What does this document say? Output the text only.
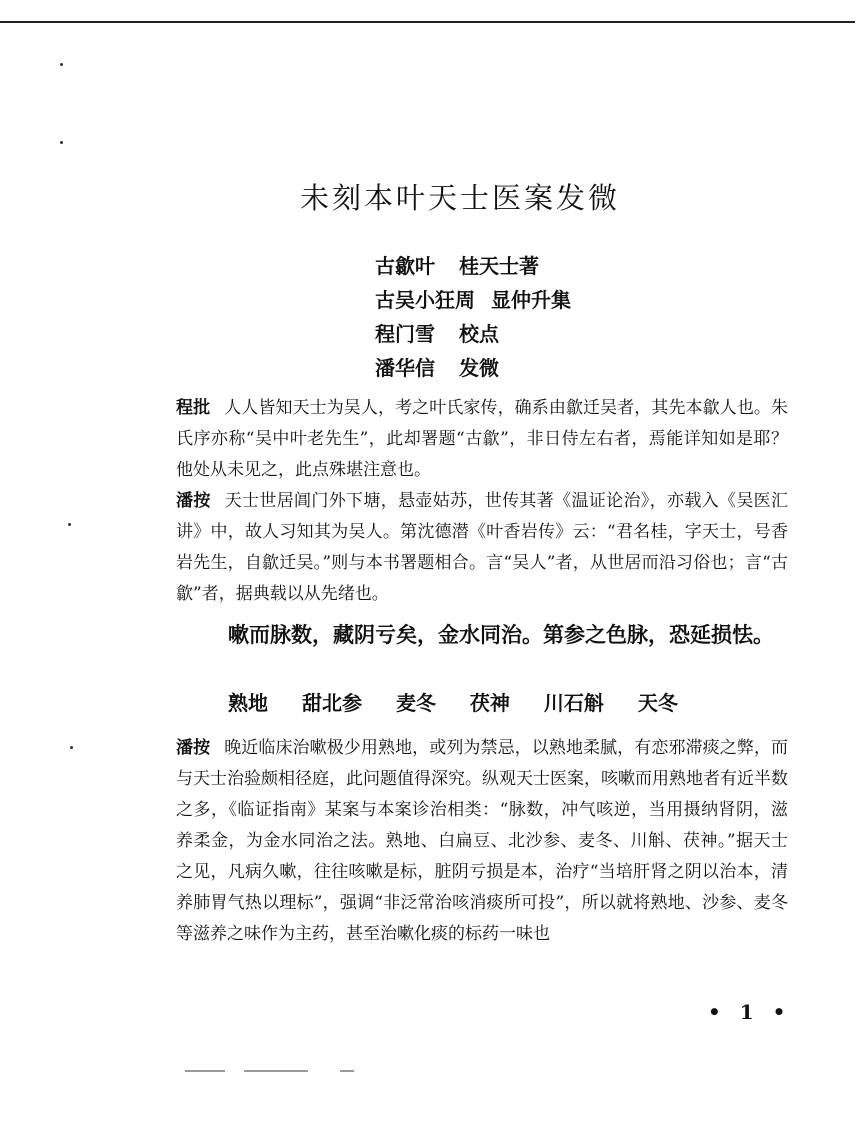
未刻本叶天士医案发微
古歙叶 桂天士著
古吴小狂周 显仲升集
程门雪 校点
潘华信 发微

程批 人人皆知天士为吴人，考之叶氏家传，确系由歙迁吴者，其先本歙人也。朱氏序亦称“吴中叶老先生”，此却署题“古歙”，非日侍左右者，焉能详知如是耶？他处从未见之，此点殊堪注意也。

潘按 天士世居阊门外下塘，悬壶姑苏，世传其著《温证论治》，亦载入《吴医汇讲》中，故人习知其为吴人。第沈德潜《叶香岩传》云：“君名桂，字天士，号香岩先生，自歙迁吴。”则与本书署题相合。言“吴人”者，从世居而沿习俗也；言“古歙”者，据典载以从先绪也。

嗽而脉数，藏阴亏矣，金水同治。第参之色脉，恐延损怯。

熟地 甜北参 麦冬 茯神 川石斛 天冬

潘按 晚近临床治嗽极少用熟地，或列为禁忌，以熟地柔腻，有恋邪滞痰之弊，而与天士治验颇相径庭，此问题值得深究。纵观天士医案，咳嗽而用熟地者有近半数之多，《临证指南》某案与本案诊治相类：“脉数，冲气咳逆，当用摄纳肾阴，滋养柔金，为金水同治之法。熟地、白扁豆、北沙参、麦冬、川斛、茯神。”据天士之见，凡病久嗽，往往咳嗽是标，脏阴亏损是本，治疗“当培肝肾之阴以治本，清养肺胃气热以理标”，强调“非泛常治咳消痰所可投”，所以就将熟地、沙参、麦冬等滋养之味作为主药，甚至治嗽化痰的标药一味也

• 1 •
